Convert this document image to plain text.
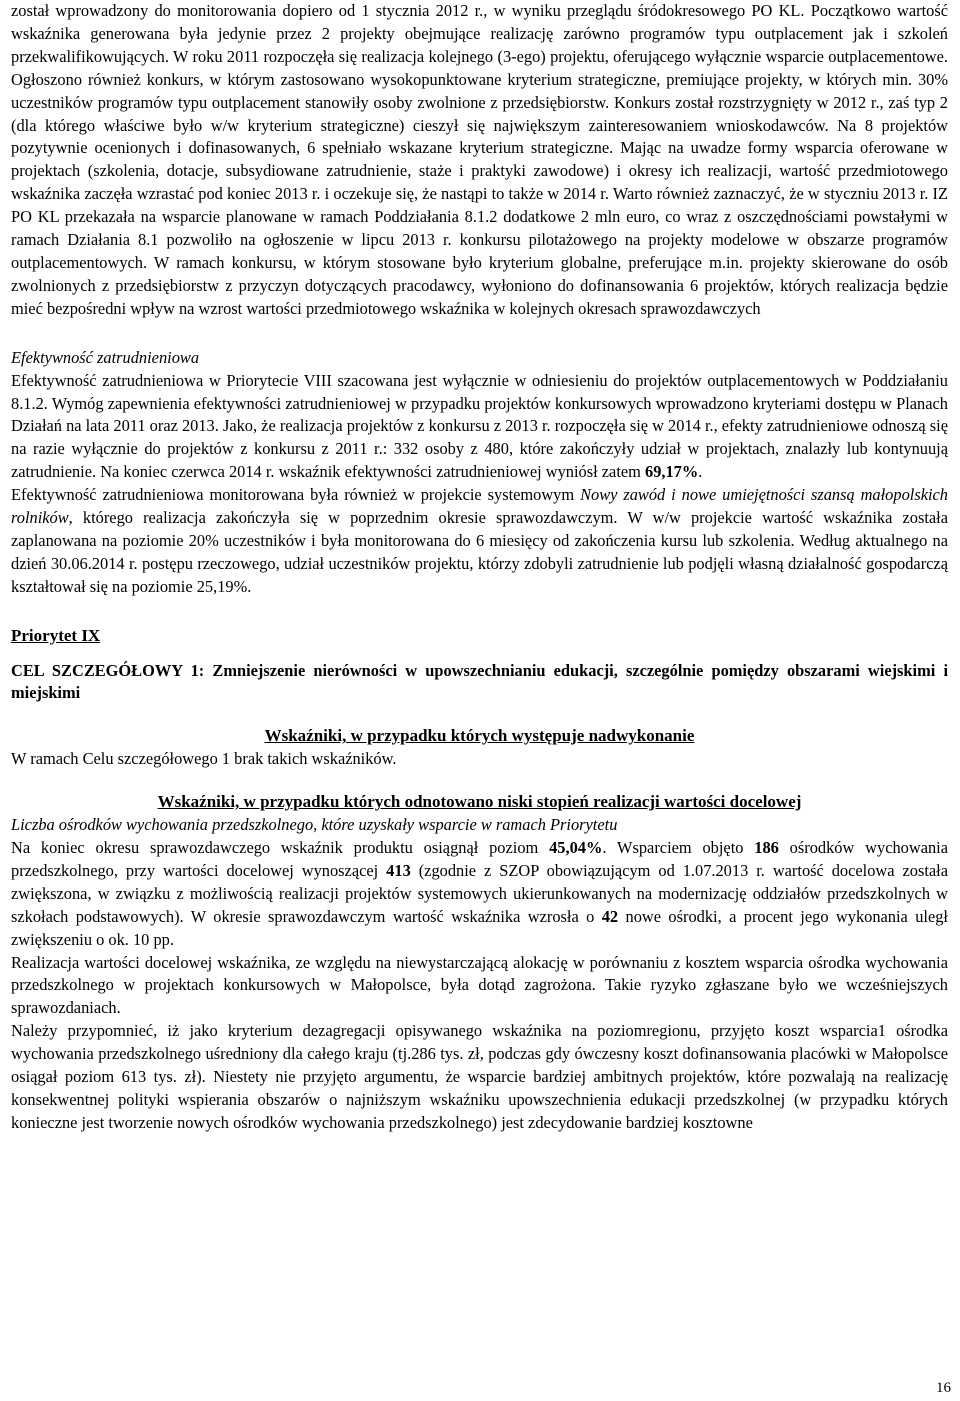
został wprowadzony do monitorowania dopiero od 1 stycznia 2012 r., w wyniku przeglądu śródokresowego PO KL. Początkowo wartość wskaźnika generowana była jedynie przez 2 projekty obejmujące realizację zarówno programów typu outplacement jak i szkoleń przekwalifikowujących. W roku 2011 rozpoczęła się realizacja kolejnego (3-ego) projektu, oferującego wyłącznie wsparcie outplacementowe. Ogłoszono również konkurs, w którym zastosowano wysokopunktowane kryterium strategiczne, premiujące projekty, w których min. 30% uczestników programów typu outplacement stanowiły osoby zwolnione z przedsiębiorstw. Konkurs został rozstrzygnięty w 2012 r., zaś typ 2 (dla którego właściwe było w/w kryterium strategiczne) cieszył się największym zainteresowaniem wnioskodawców. Na 8 projektów pozytywnie ocenionych i dofinasowanych, 6 spełniało wskazane kryterium strategiczne. Mając na uwadze formy wsparcia oferowane w projektach (szkolenia, dotacje, subsydiowane zatrudnienie, staże i praktyki zawodowe) i okresy ich realizacji, wartość przedmiotowego wskaźnika zaczęła wzrastać pod koniec 2013 r. i oczekuje się, że nastąpi to także w 2014 r. Warto również zaznaczyć, że w styczniu 2013 r. IZ PO KL przekazała na wsparcie planowane w ramach Poddziałania 8.1.2 dodatkowe 2 mln euro, co wraz z oszczędnościami powstałymi w ramach Działania 8.1 pozwoliło na ogłoszenie w lipcu 2013 r. konkursu pilotażowego na projekty modelowe w obszarze programów outplacementowych. W ramach konkursu, w którym stosowane było kryterium globalne, preferujące m.in. projekty skierowane do osób zwolnionych z przedsiębiorstw z przyczyn dotyczących pracodawcy, wyłoniono do dofinansowania 6 projektów, których realizacja będzie mieć bezpośredni wpływ na wzrost wartości przedmiotowego wskaźnika w kolejnych okresach sprawozdawczych

Efektywność zatrudnieniowa

Efektywność zatrudnieniowa w Priorytecie VIII szacowana jest wyłącznie w odniesieniu do projektów outplacementowych w Poddziałaniu 8.1.2. Wymóg zapewnienia efektywności zatrudnieniowej w przypadku projektów konkursowych wprowadzono kryteriami dostępu w Planach Działań na lata 2011 oraz 2013. Jako, że realizacja projektów z konkursu z 2013 r. rozpoczęła się w 2014 r., efekty zatrudnieniowe odnoszą się na razie wyłącznie do projektów z konkursu z 2011 r.: 332 osoby z 480, które zakończyły udział w projektach, znalazły lub kontynuują zatrudnienie. Na koniec czerwca 2014 r. wskaźnik efektywności zatrudnieniowej wyniósł zatem 69,17%.

Efektywność zatrudnieniowa monitorowana była również w projekcie systemowym Nowy zawód i nowe umiejętności szansą małopolskich rolników, którego realizacja zakończyła się w poprzednim okresie sprawozdawczym. W w/w projekcie wartość wskaźnika została zaplanowana na poziomie 20% uczestników i była monitorowana do 6 miesięcy od zakończenia kursu lub szkolenia. Według aktualnego na dzień 30.06.2014 r. postępu rzeczowego, udział uczestników projektu, którzy zdobyli zatrudnienie lub podjęli własną działalność gospodarczą kształtował się na poziomie 25,19%.

Priorytet IX

CEL SZCZEGÓŁOWY 1: Zmniejszenie nierówności w upowszechnianiu edukacji, szczególnie pomiędzy obszarami wiejskimi i miejskimi

Wskaźniki, w przypadku których występuje nadwykonanie

W ramach Celu szczegółowego 1 brak takich wskaźników.

Wskaźniki, w przypadku których odnotowano niski stopień realizacji wartości docelowej

Liczba ośrodków wychowania przedszkolnego, które uzyskały wsparcie w ramach Priorytetu

Na koniec okresu sprawozdawczego wskaźnik produktu osiągnął poziom 45,04%. Wsparciem objęto 186 ośrodków wychowania przedszkolnego, przy wartości docelowej wynoszącej 413 (zgodnie z SZOP obowiązującym od 1.07.2013 r. wartość docelowa została zwiększona, w związku z możliwością realizacji projektów systemowych ukierunkowanych na modernizację oddziałów przedszkolnych w szkołach podstawowych). W okresie sprawozdawczym wartość wskaźnika wzrosła o 42 nowe ośrodki, a procent jego wykonania uległ zwiększeniu o ok. 10 pp.

Realizacja wartości docelowej wskaźnika, ze względu na niewystarczającą alokację w porównaniu z kosztem wsparcia ośrodka wychowania przedszkolnego w projektach konkursowych w Małopolsce, była dotąd zagrożona. Takie ryzyko zgłaszane było we wcześniejszych sprawozdaniach.

Należy przypomnieć, iż jako kryterium dezagregacji opisywanego wskaźnika na poziomregionu, przyjęto koszt wsparcia1 ośrodka wychowania przedszkolnego uśredniony dla całego kraju (tj.286 tys. zł, podczas gdy ówczesny koszt dofinansowania placówki w Małopolsce osiągał poziom 613 tys. zł). Niestety nie przyjęto argumentu, że wsparcie bardziej ambitnych projektów, które pozwalają na realizację konsekwentnej polityki wspierania obszarów o najniższym wskaźniku upowszechnienia edukacji przedszkolnej (w przypadku których konieczne jest tworzenie nowych ośrodków wychowania przedszkolnego) jest zdecydowanie bardziej kosztowne

16
